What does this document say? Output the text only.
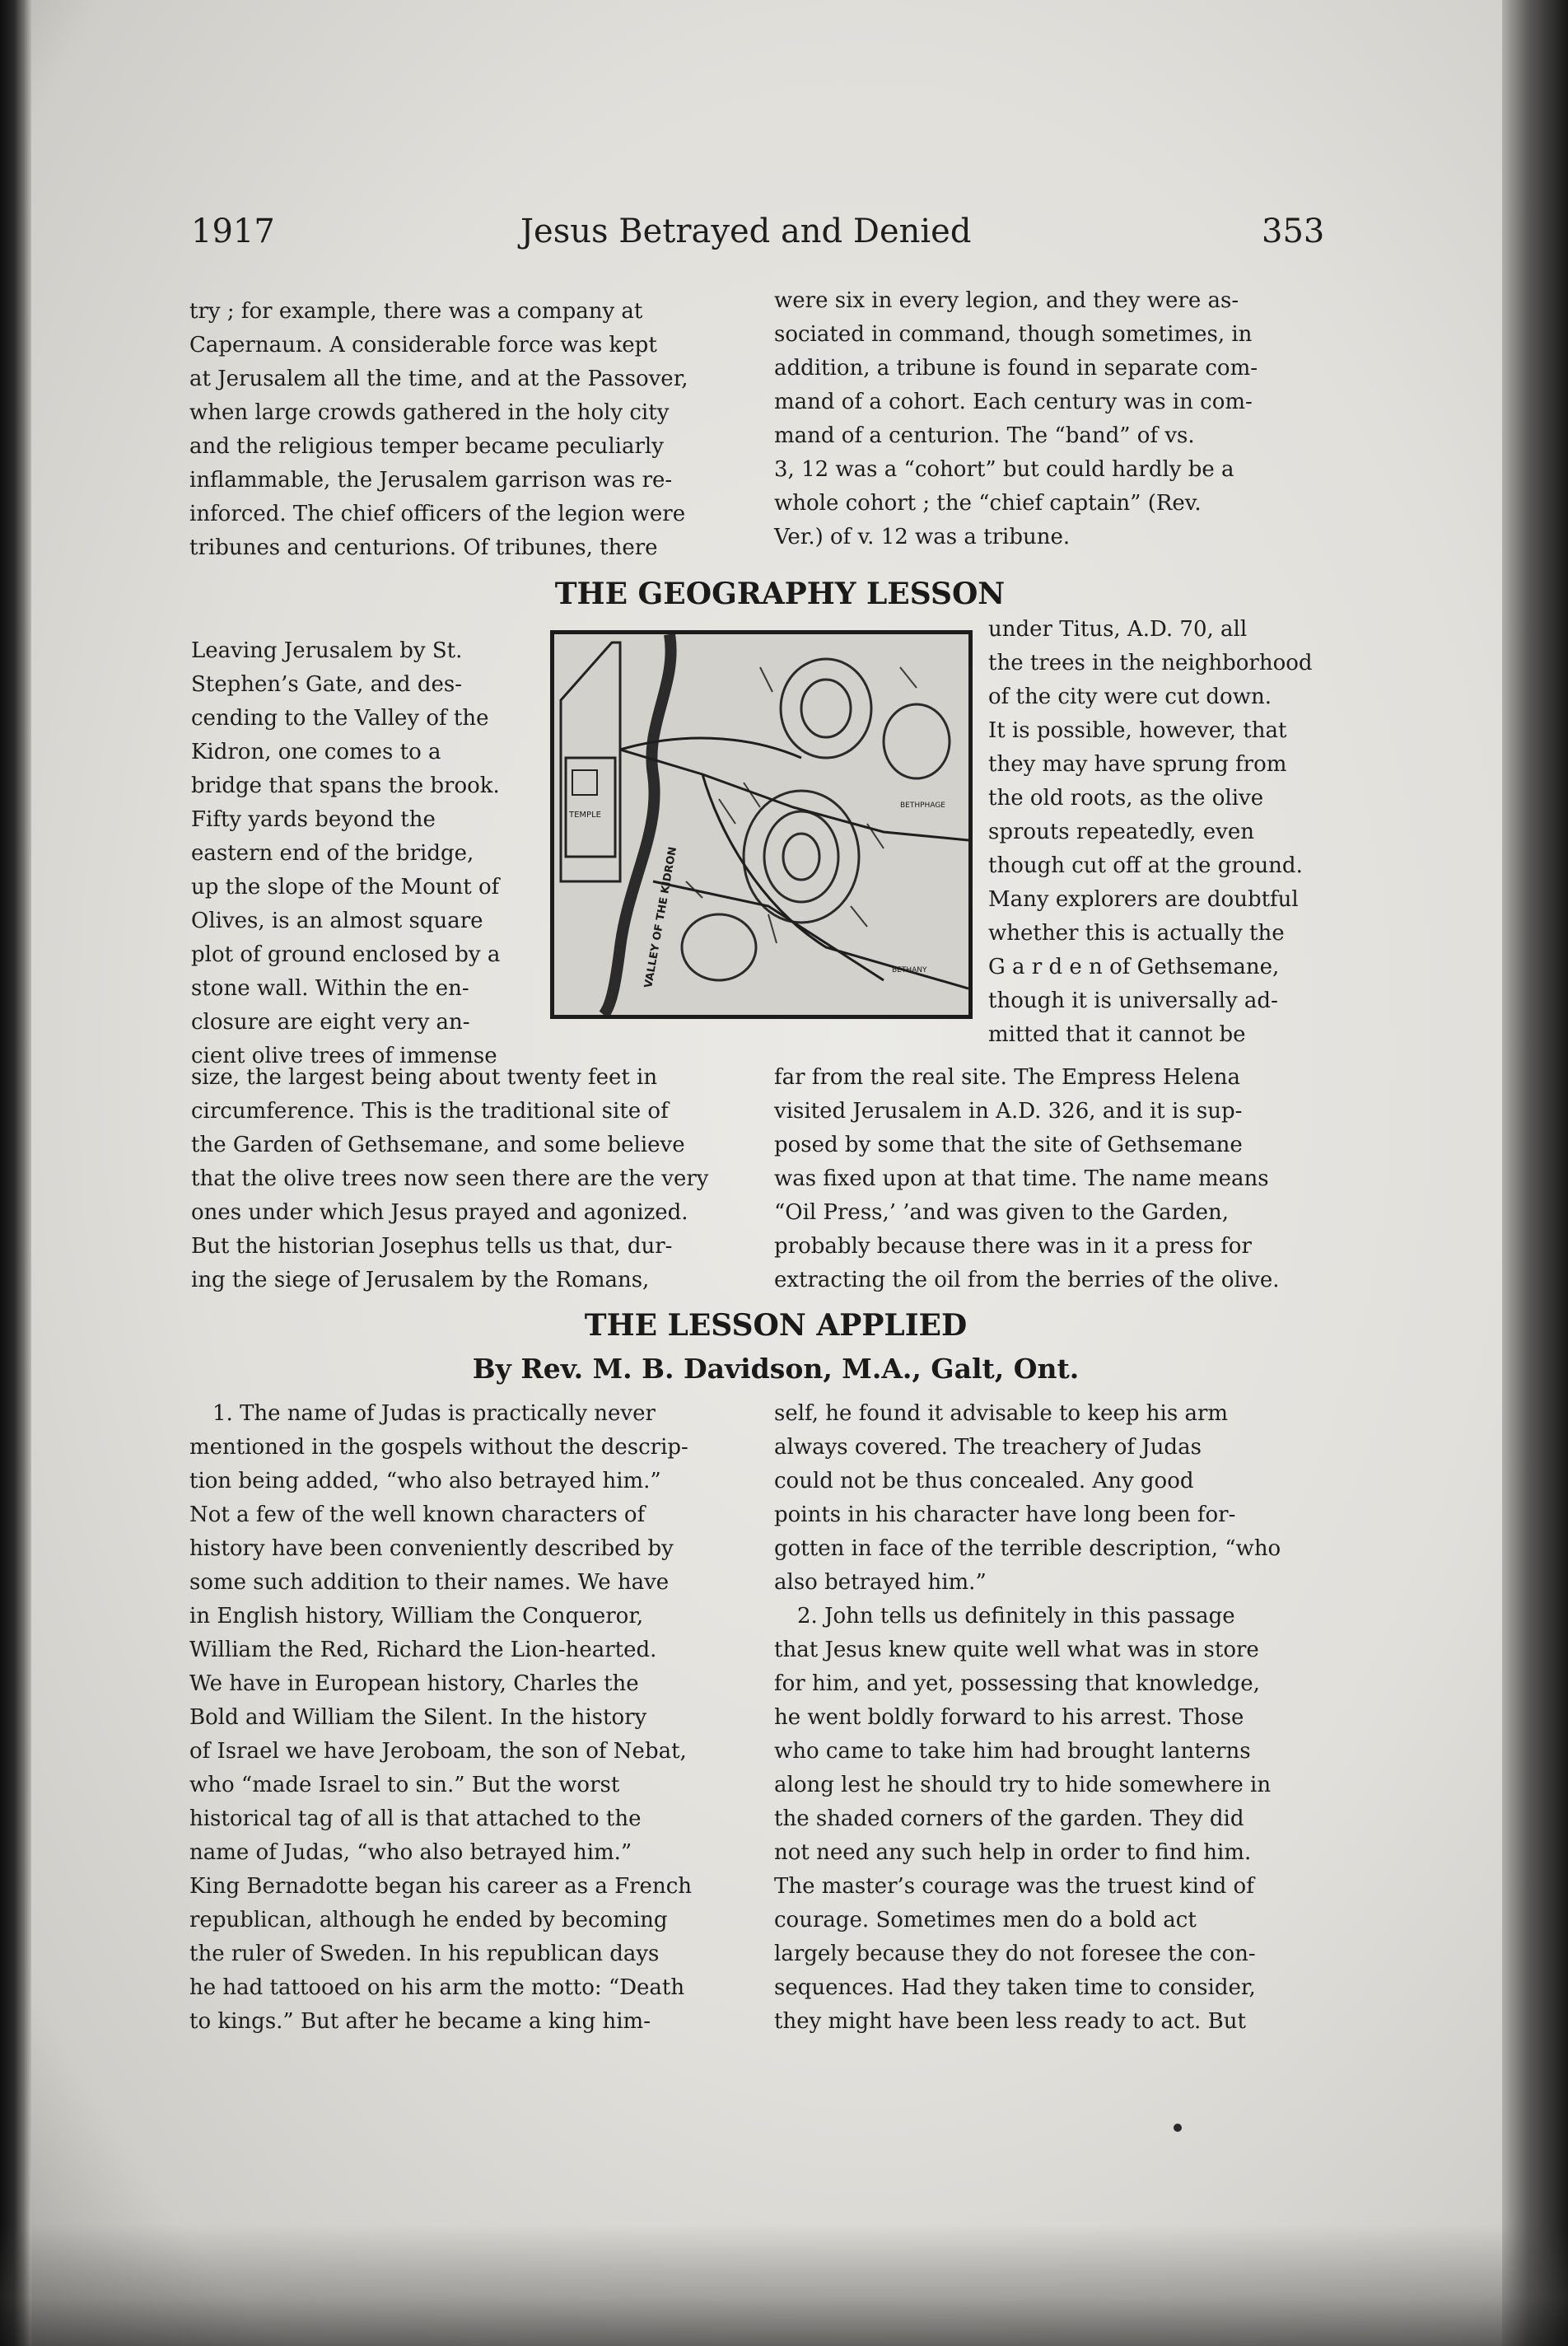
1917	Jesus Betrayed and Denied	353

try ; for example, there was a company at
Capernaum. A considerable force was kept
at Jerusalem all the time, and at the Passover,
when large crowds gathered in the holy city
and the religious temper became peculiarly
inflammable, the Jerusalem garrison was re-
inforced. The chief officers of the legion were
tribunes and centurions. Of tribunes, there

were six in every legion, and they were as-
sociated in command, though sometimes, in
addition, a tribune is found in separate com-
mand of a cohort. Each century was in com-
mand of a centurion. The “band” of vs.
3, 12 was a “cohort” but could hardly be a
whole cohort ; the “chief captain” (Rev.
Ver.) of v. 12 was a tribune.

THE GEOGRAPHY LESSON

Leaving Jerusalem by St.
Stephen’s Gate, and des-
cending to the Valley of the
Kidron, one comes to a
bridge that spans the brook.
Fifty yards beyond the
eastern end of the bridge,
up the slope of the Mount of
Olives, is an almost square
plot of ground enclosed by a
stone wall. Within the en-
closure are eight very an-
cient olive trees of immense

TEMPLE
VALLEY OF THE KIDRON
BETHPHAGE
BETHANY

under Titus, A.D. 70, all
the trees in the neighborhood
of the city were cut down.
It is possible, however, that
they may have sprung from
the old roots, as the olive
sprouts repeatedly, even
though cut off at the ground.
Many explorers are doubtful
whether this is actually the
G a r d e n of Gethsemane,
though it is universally ad-
mitted that it cannot be

size, the largest being about twenty feet in
circumference. This is the traditional site of
the Garden of Gethsemane, and some believe
that the olive trees now seen there are the very
ones under which Jesus prayed and agonized.
But the historian Josephus tells us that, dur-
ing the siege of Jerusalem by the Romans,

far from the real site. The Empress Helena
visited Jerusalem in A.D. 326, and it is sup-
posed by some that the site of Gethsemane
was fixed upon at that time. The name means
“Oil Press,’ ’and was given to the Garden,
probably because there was in it a press for
extracting the oil from the berries of the olive.

THE LESSON APPLIED
By Rev. M. B. Davidson, M.A., Galt, Ont.

1. The name of Judas is practically never
mentioned in the gospels without the descrip-
tion being added, “who also betrayed him.”
Not a few of the well known characters of
history have been conveniently described by
some such addition to their names. We have
in English history, William the Conqueror,
William the Red, Richard the Lion-hearted.
We have in European history, Charles the
Bold and William the Silent. In the history
of Israel we have Jeroboam, the son of Nebat,
who “made Israel to sin.” But the worst
historical tag of all is that attached to the
name of Judas, “who also betrayed him.”
King Bernadotte began his career as a French
republican, although he ended by becoming
the ruler of Sweden. In his republican days
he had tattooed on his arm the motto: “Death
to kings.” But after he became a king him-

self, he found it advisable to keep his arm
always covered. The treachery of Judas
could not be thus concealed. Any good
points in his character have long been for-
gotten in face of the terrible description, “who
also betrayed him.”

2. John tells us definitely in this passage
that Jesus knew quite well what was in store
for him, and yet, possessing that knowledge,
he went boldly forward to his arrest. Those
who came to take him had brought lanterns
along lest he should try to hide somewhere in
the shaded corners of the garden. They did
not need any such help in order to find him.
The master’s courage was the truest kind of
courage. Sometimes men do a bold act
largely because they do not foresee the con-
sequences. Had they taken time to consider,
they might have been less ready to act. But
